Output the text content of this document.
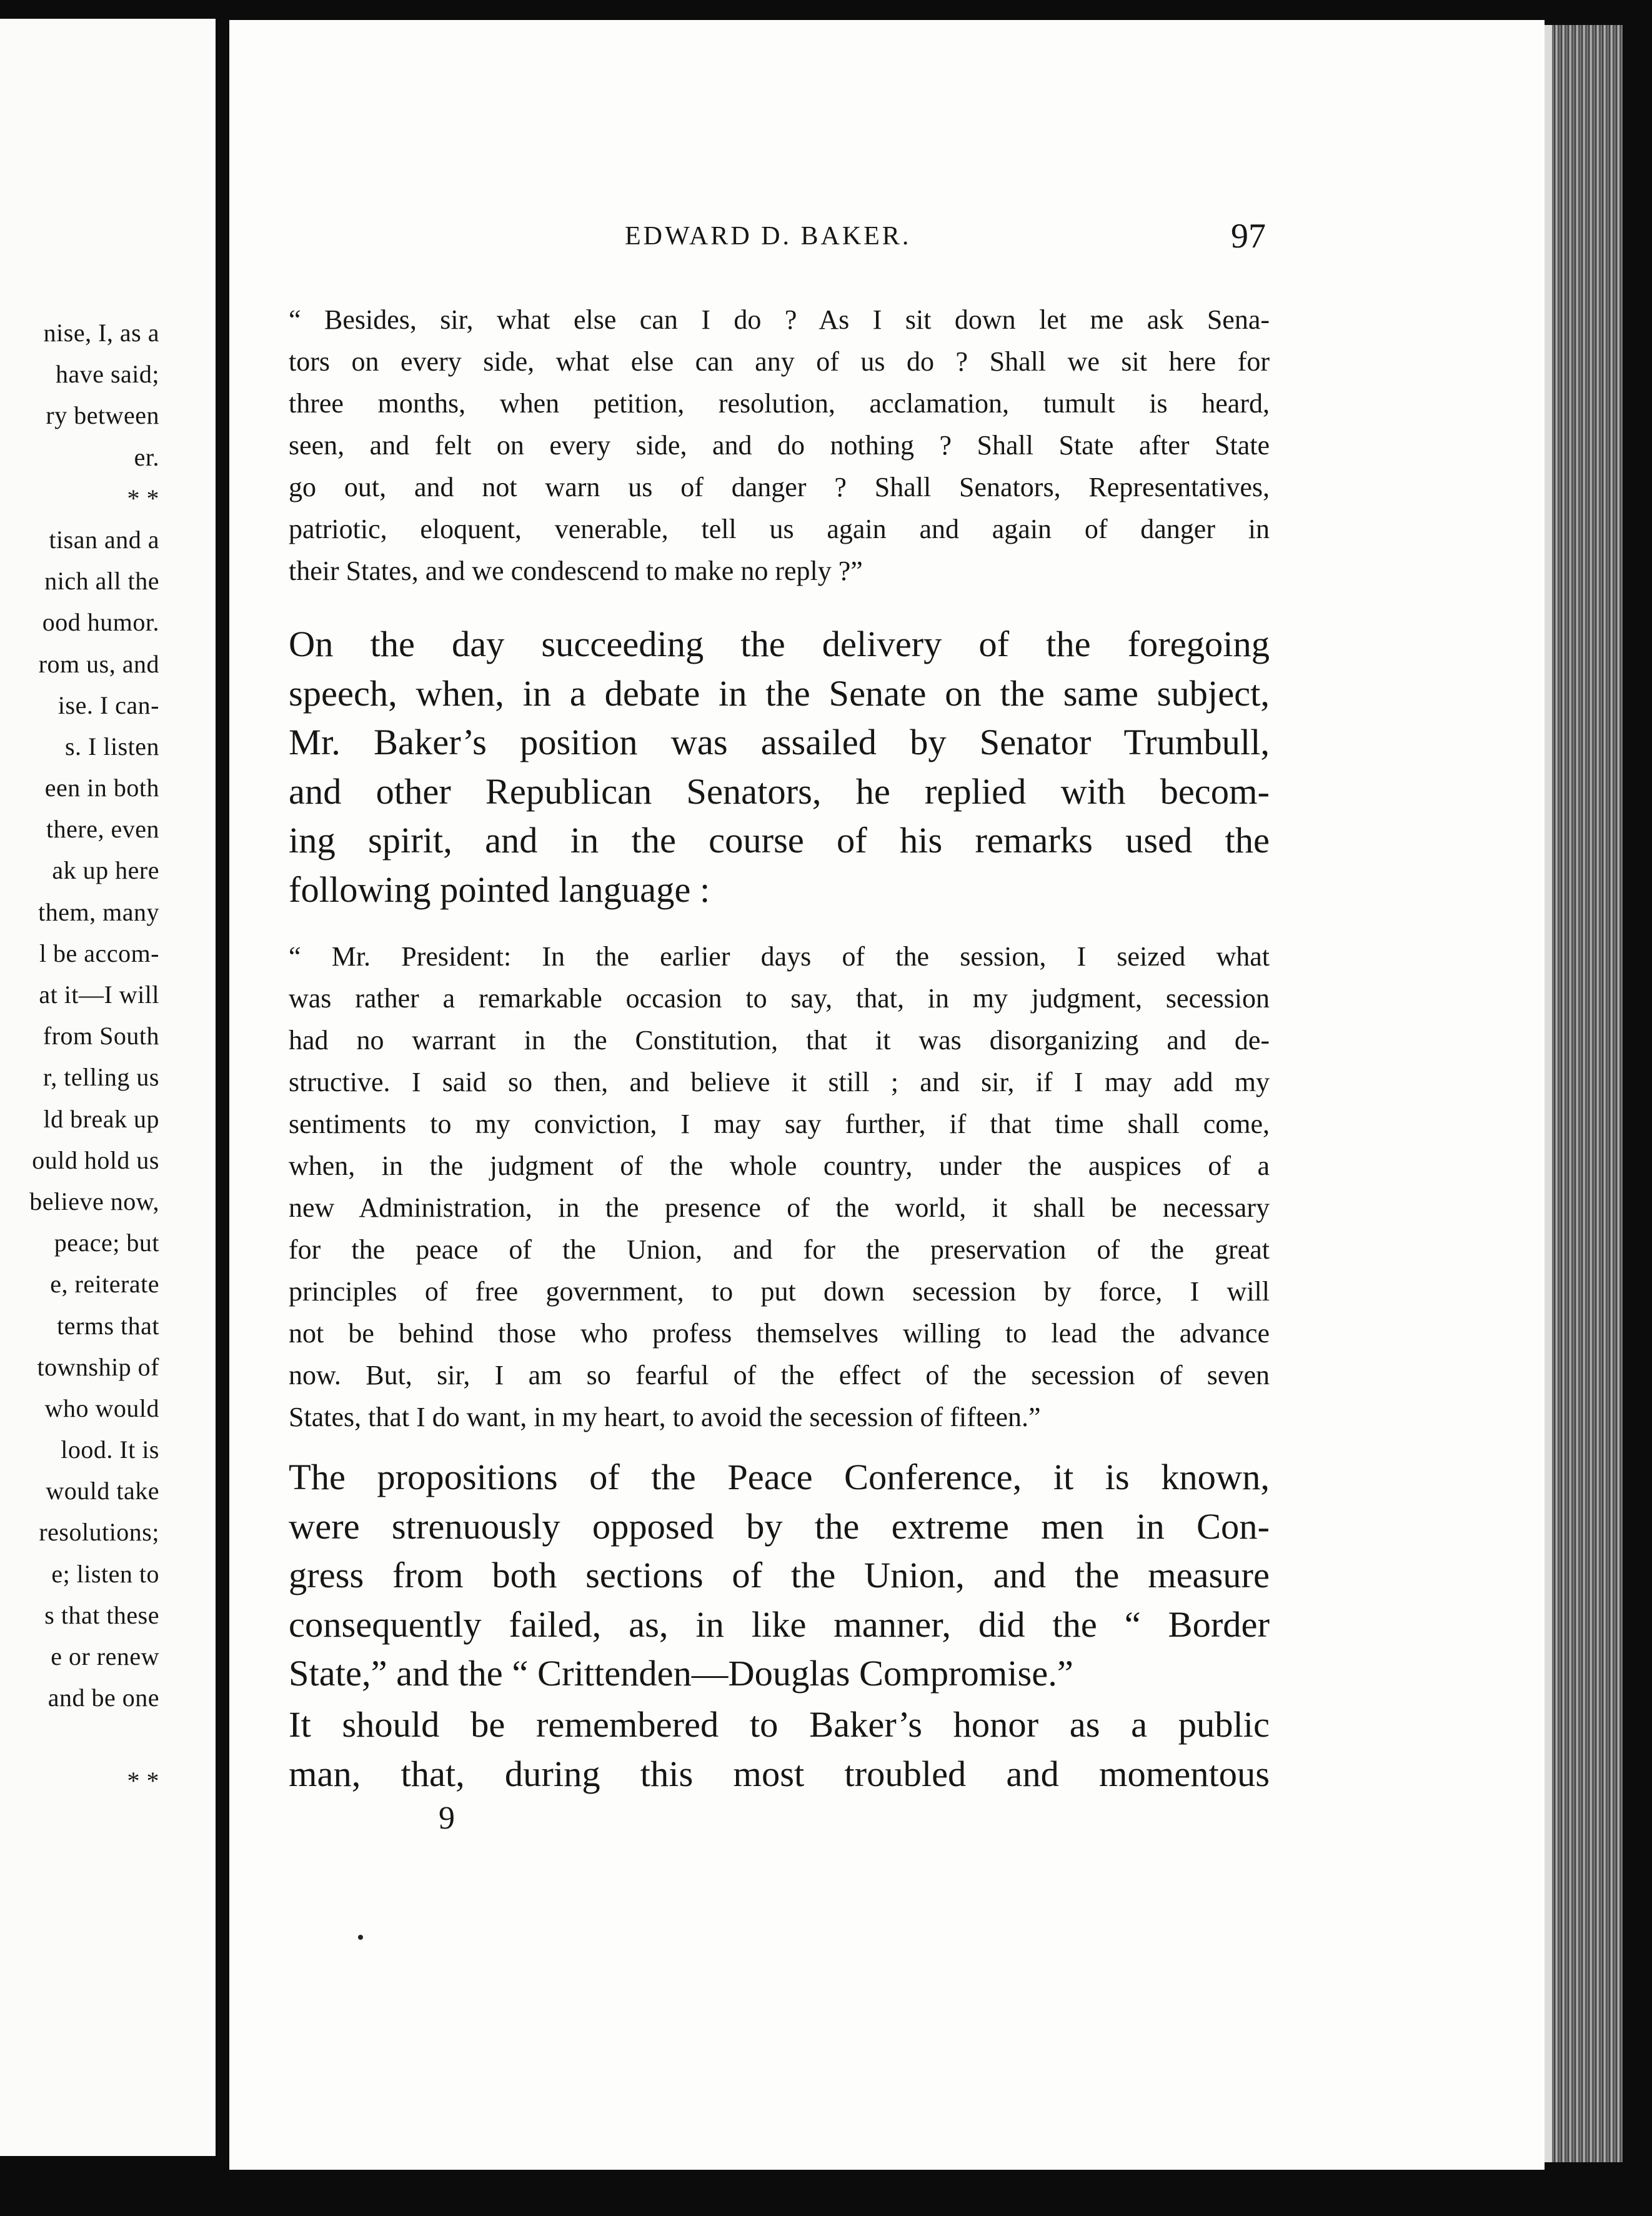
nise, I, as a
have said;
ry between
er.
* *
tisan and a
nich all the
ood humor.
rom us, and
ise. I can-
s. I listen
een in both
there, even
ak up here
them, many
l be accom-
at it—I will
from South
r, telling us
ld break up
ould hold us
believe now,
peace; but
e, reiterate
terms that
township of
who would
lood. It is
would take
resolutions;
e; listen to
s that these
e or renew
and be one
* *
EDWARD D. BAKER.	97
“ Besides, sir, what else can I do ? As I sit down let me ask Sena-
tors on every side, what else can any of us do ? Shall we sit here for
three months, when petition, resolution, acclamation, tumult is heard,
seen, and felt on every side, and do nothing ? Shall State after State
go out, and not warn us of danger ? Shall Senators, Representatives,
patriotic, eloquent, venerable, tell us again and again of danger in
their States, and we condescend to make no reply ?”
On the day succeeding the delivery of the foregoing
speech, when, in a debate in the Senate on the same subject,
Mr. Baker’s position was assailed by Senator Trumbull,
and other Republican Senators, he replied with becom-
ing spirit, and in the course of his remarks used the
following pointed language :
“ Mr. President: In the earlier days of the session, I seized what
was rather a remarkable occasion to say, that, in my judgment, secession
had no warrant in the Constitution, that it was disorganizing and de-
structive. I said so then, and believe it still ; and sir, if I may add my
sentiments to my conviction, I may say further, if that time shall come,
when, in the judgment of the whole country, under the auspices of a
new Administration, in the presence of the world, it shall be necessary
for the peace of the Union, and for the preservation of the great
principles of free government, to put down secession by force, I will
not be behind those who profess themselves willing to lead the advance
now. But, sir, I am so fearful of the effect of the secession of seven
States, that I do want, in my heart, to avoid the secession of fifteen.”
The propositions of the Peace Conference, it is known,
were strenuously opposed by the extreme men in Con-
gress from both sections of the Union, and the measure
consequently failed, as, in like manner, did the “ Border
State,” and the “ Crittenden—Douglas Compromise.”
It should be remembered to Baker’s honor as a public
man, that, during this most troubled and momentous
9
